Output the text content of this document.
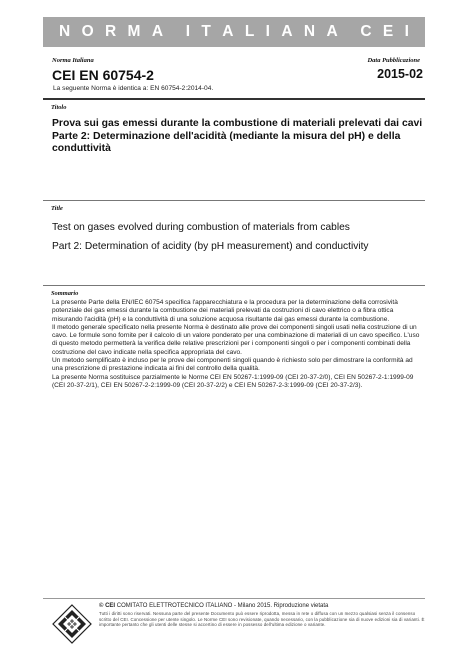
N O R M A I T A L I A N A C E I
Norma Italiana	Data Pubblicazione
CEI EN 60754-2	2015-02
La seguente Norma è identica a: EN 60754-2:2014-04.
Titolo
Prova sui gas emessi durante la combustione di materiali prelevati dai cavi
Parte 2: Determinazione dell'acidità (mediante la misura del pH) e della conduttività
Title
Test on gases evolved during combustion of materials from cables
Part 2: Determination of acidity (by pH measurement) and conductivity
Sommario

La presente Parte della EN/IEC 60754 specifica l'apparecchiatura e la procedura per la determinazione della corrosività potenziale dei gas emessi durante la combustione dei materiali prelevati da costruzioni di cavo elettrico o a fibra ottica misurando l'acidità (pH) e la conduttività di una soluzione acquosa risultante dai gas emessi durante la combustione.

Il metodo generale specificato nella presente Norma è destinato alle prove dei componenti singoli usati nella costruzione di un cavo. Le formule sono fornite per il calcolo di un valore ponderato per una combinazione di materiali di un cavo specifico. L'uso di questo metodo permetterà la verifica delle relative prescrizioni per i componenti singoli o per i componenti combinati della costruzione del cavo indicate nella specifica appropriata del cavo.

Un metodo semplificato è incluso per le prove dei componenti singoli quando è richiesto solo per dimostrare la conformità ad una prescrizione di prestazione indicata ai fini del controllo della qualità.

La presente Norma sostituisce parzialmente le Norme CEI EN 50267-1:1999-09 (CEI 20-37-2/0), CEI EN 50267-2-1:1999-09 (CEI 20-37-2/1), CEI EN 50267-2-2:1999-09 (CEI 20-37-2/2) e CEI EN 50267-2-3:1999-09 (CEI 20-37-2/3).

© CEI COMITATO ELETTROTECNICO ITALIANO - Milano 2015. Riproduzione vietata
Tutti i diritti sono riservati. Nessuna parte del presente Documento può essere riprodotta, messa in rete o diffusa con un mezzo qualsiasi senza il consenso scritto del CEI. Concessione per utente singolo. Le Norme CEI sono revisionate, quando necessario, con la pubblicazione sia di nuove edizioni sia di varianti. È importante pertanto che gli utenti delle stesse si accertino di essere in possesso dell'ultima edizione o variante.
